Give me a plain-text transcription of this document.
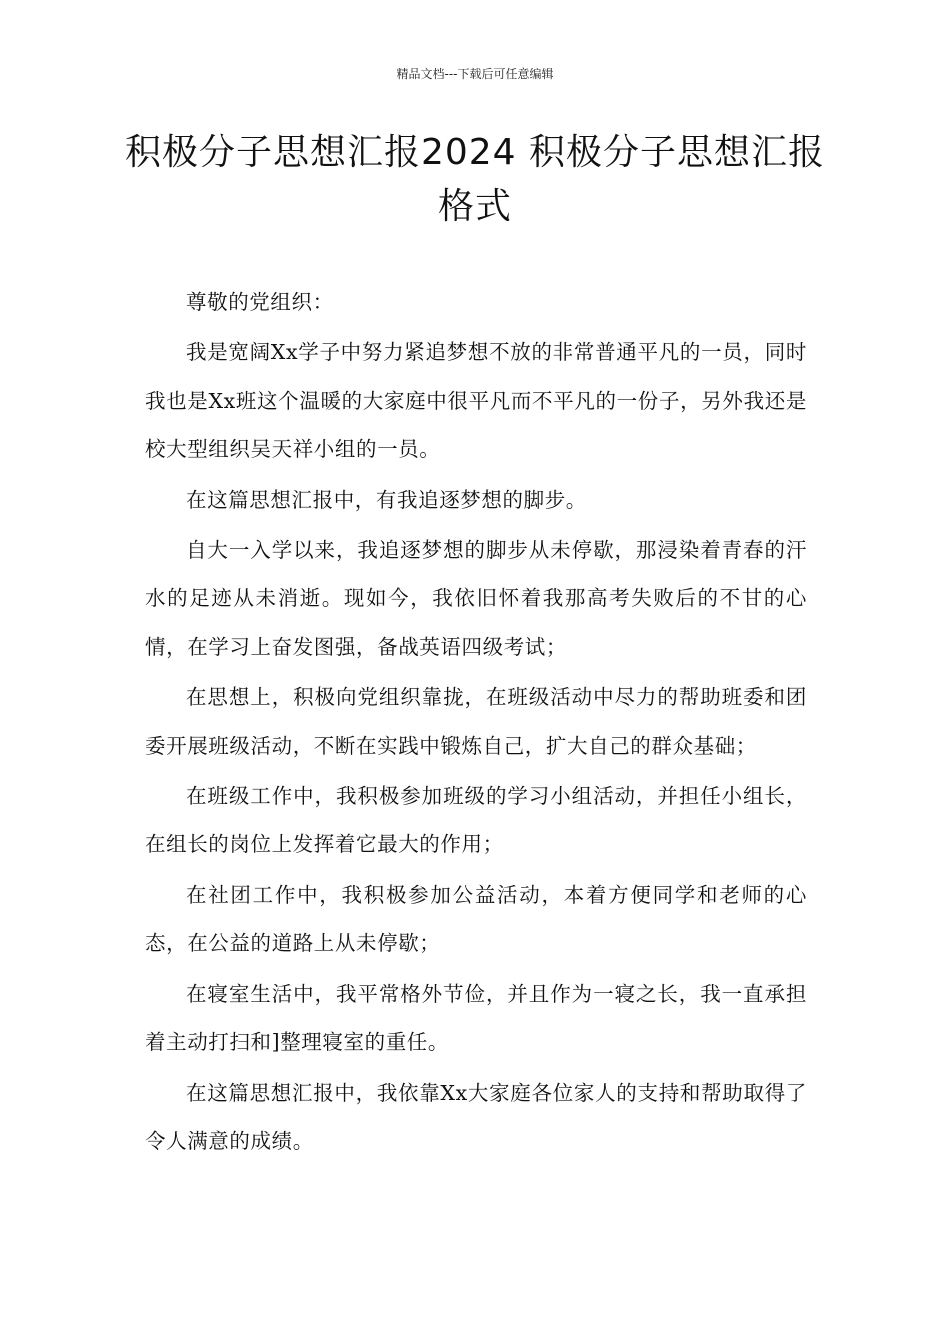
精品文档---下载后可任意编辑
积极分子思想汇报2024 积极分子思想汇报格式

尊敬的党组织：

我是宽阔Xx学子中努力紧追梦想不放的非常普通平凡的一员，同时我也是Xx班这个温暖的大家庭中很平凡而不平凡的一份子，另外我还是校大型组织吴天祥小组的一员。

在这篇思想汇报中，有我追逐梦想的脚步。

自大一入学以来，我追逐梦想的脚步从未停歇，那浸染着青春的汗水的足迹从未消逝。现如今，我依旧怀着我那高考失败后的不甘的心情，在学习上奋发图强，备战英语四级考试；

在思想上，积极向党组织靠拢，在班级活动中尽力的帮助班委和团委开展班级活动，不断在实践中锻炼自己，扩大自己的群众基础；

在班级工作中，我积极参加班级的学习小组活动，并担任小组长，在组长的岗位上发挥着它最大的作用；

在社团工作中，我积极参加公益活动，本着方便同学和老师的心态，在公益的道路上从未停歇；

在寝室生活中，我平常格外节俭，并且作为一寝之长，我一直承担着主动打扫和]整理寝室的重任。

在这篇思想汇报中，我依靠Xx大家庭各位家人的支持和帮助取得了令人满意的成绩。
